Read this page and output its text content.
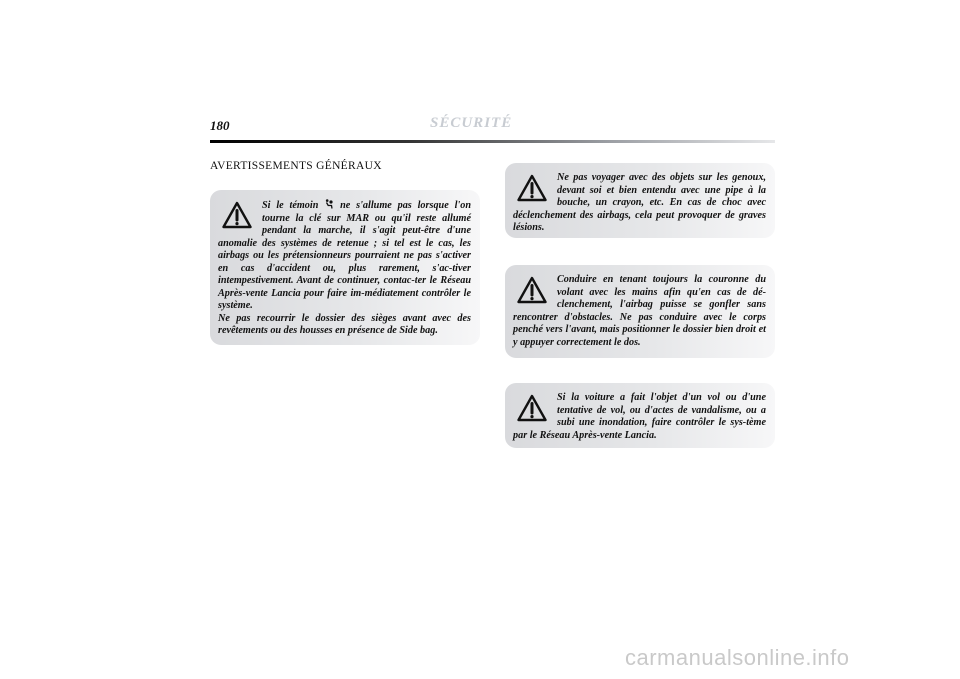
180	SÉCURITÉ
AVERTISSEMENTS GÉNÉRAUX

Si le témoin  ne s'allume pas lorsque l'on tourne la clé sur MAR ou qu'il reste allumé pendant la marche, il s'agit peut-être d'une anomalie des systèmes de retenue ; si tel est le cas, les airbags ou les prétensionneurs pourraient ne pas s'activer en cas d'accident ou, plus rarement, s'ac-tiver intempestivement. Avant de continuer, contac-ter le Réseau Après-vente Lancia pour faire im-médiatement contrôler le système.
Ne pas recourrir le dossier des sièges avant avec des revêtements ou des housses en présence de Side bag.

Ne pas voyager avec des objets sur les genoux, devant soi et bien entendu avec une pipe à la bouche, un crayon, etc. En cas de choc avec déclenchement des airbags, cela peut provoquer de graves lésions.

Conduire en tenant toujours la couronne du volant avec les mains afin qu'en cas de dé-clenchement, l'airbag puisse se gonfler sans rencontrer d'obstacles. Ne pas conduire avec le corps penché vers l'avant, mais positionner le dossier bien droit et y appuyer correctement le dos.

Si la voiture a fait l'objet d'un vol ou d'une tentative de vol, ou d'actes de vandalisme, ou a subi une inondation, faire contrôler le sys-tème par le Réseau Après-vente Lancia.

carmanualsonline.info
